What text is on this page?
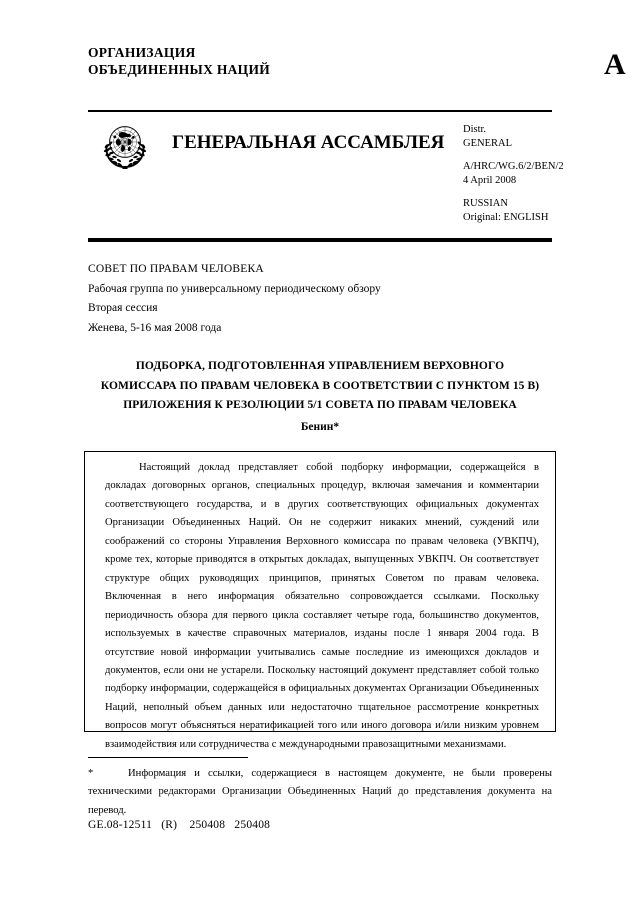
ОРГАНИЗАЦИЯ
ОБЪЕДИНЕННЫХ НАЦИЙ	A
ГЕНЕРАЛЬНАЯ АССАМБЛЕЯ
Distr.
GENERAL
A/HRC/WG.6/2/BEN/2
4 April 2008
RUSSIAN
Original: ENGLISH
СОВЕТ ПО ПРАВАМ ЧЕЛОВЕКА
Рабочая группа по универсальному периодическому обзору
Вторая сессия
Женева, 5-16 мая 2008 года
ПОДБОРКА, ПОДГОТОВЛЕННАЯ УПРАВЛЕНИЕМ ВЕРХОВНОГО
КОМИССАРА ПО ПРАВАМ ЧЕЛОВЕКА В СООТВЕТСТВИИ С ПУНКТОМ 15 В)
ПРИЛОЖЕНИЯ К РЕЗОЛЮЦИИ 5/1 СОВЕТА ПО ПРАВАМ ЧЕЛОВЕКА
Бенин*
Настоящий доклад представляет собой подборку информации, содержащейся в докладах договорных органов, специальных процедур, включая замечания и комментарии соответствующего государства, и в других соответствующих официальных документах Организации Объединенных Наций. Он не содержит никаких мнений, суждений или соображений со стороны Управления Верховного комиссара по правам человека (УВКПЧ), кроме тех, которые приводятся в открытых докладах, выпущенных УВКПЧ. Он соответствует структуре общих руководящих принципов, принятых Советом по правам человека. Включенная в него информация обязательно сопровождается ссылками. Поскольку периодичность обзора для первого цикла составляет четыре года, большинство документов, используемых в качестве справочных материалов, изданы после 1 января 2004 года. В отсутствие новой информации учитывались самые последние из имеющихся докладов и документов, если они не устарели. Поскольку настоящий документ представляет собой только подборку информации, содержащейся в официальных документах Организации Объединенных Наций, неполный объем данных или недостаточно тщательное рассмотрение конкретных вопросов могут объясняться нератификацией того или иного договора и/или низким уровнем взаимодействия или сотрудничества с международными правозащитными механизмами.
*	Информация и ссылки, содержащиеся в настоящем документе, не были проверены техническими редакторами Организации Объединенных Наций до представления документа на перевод.
GE.08-12511   (R)    250408   250408
